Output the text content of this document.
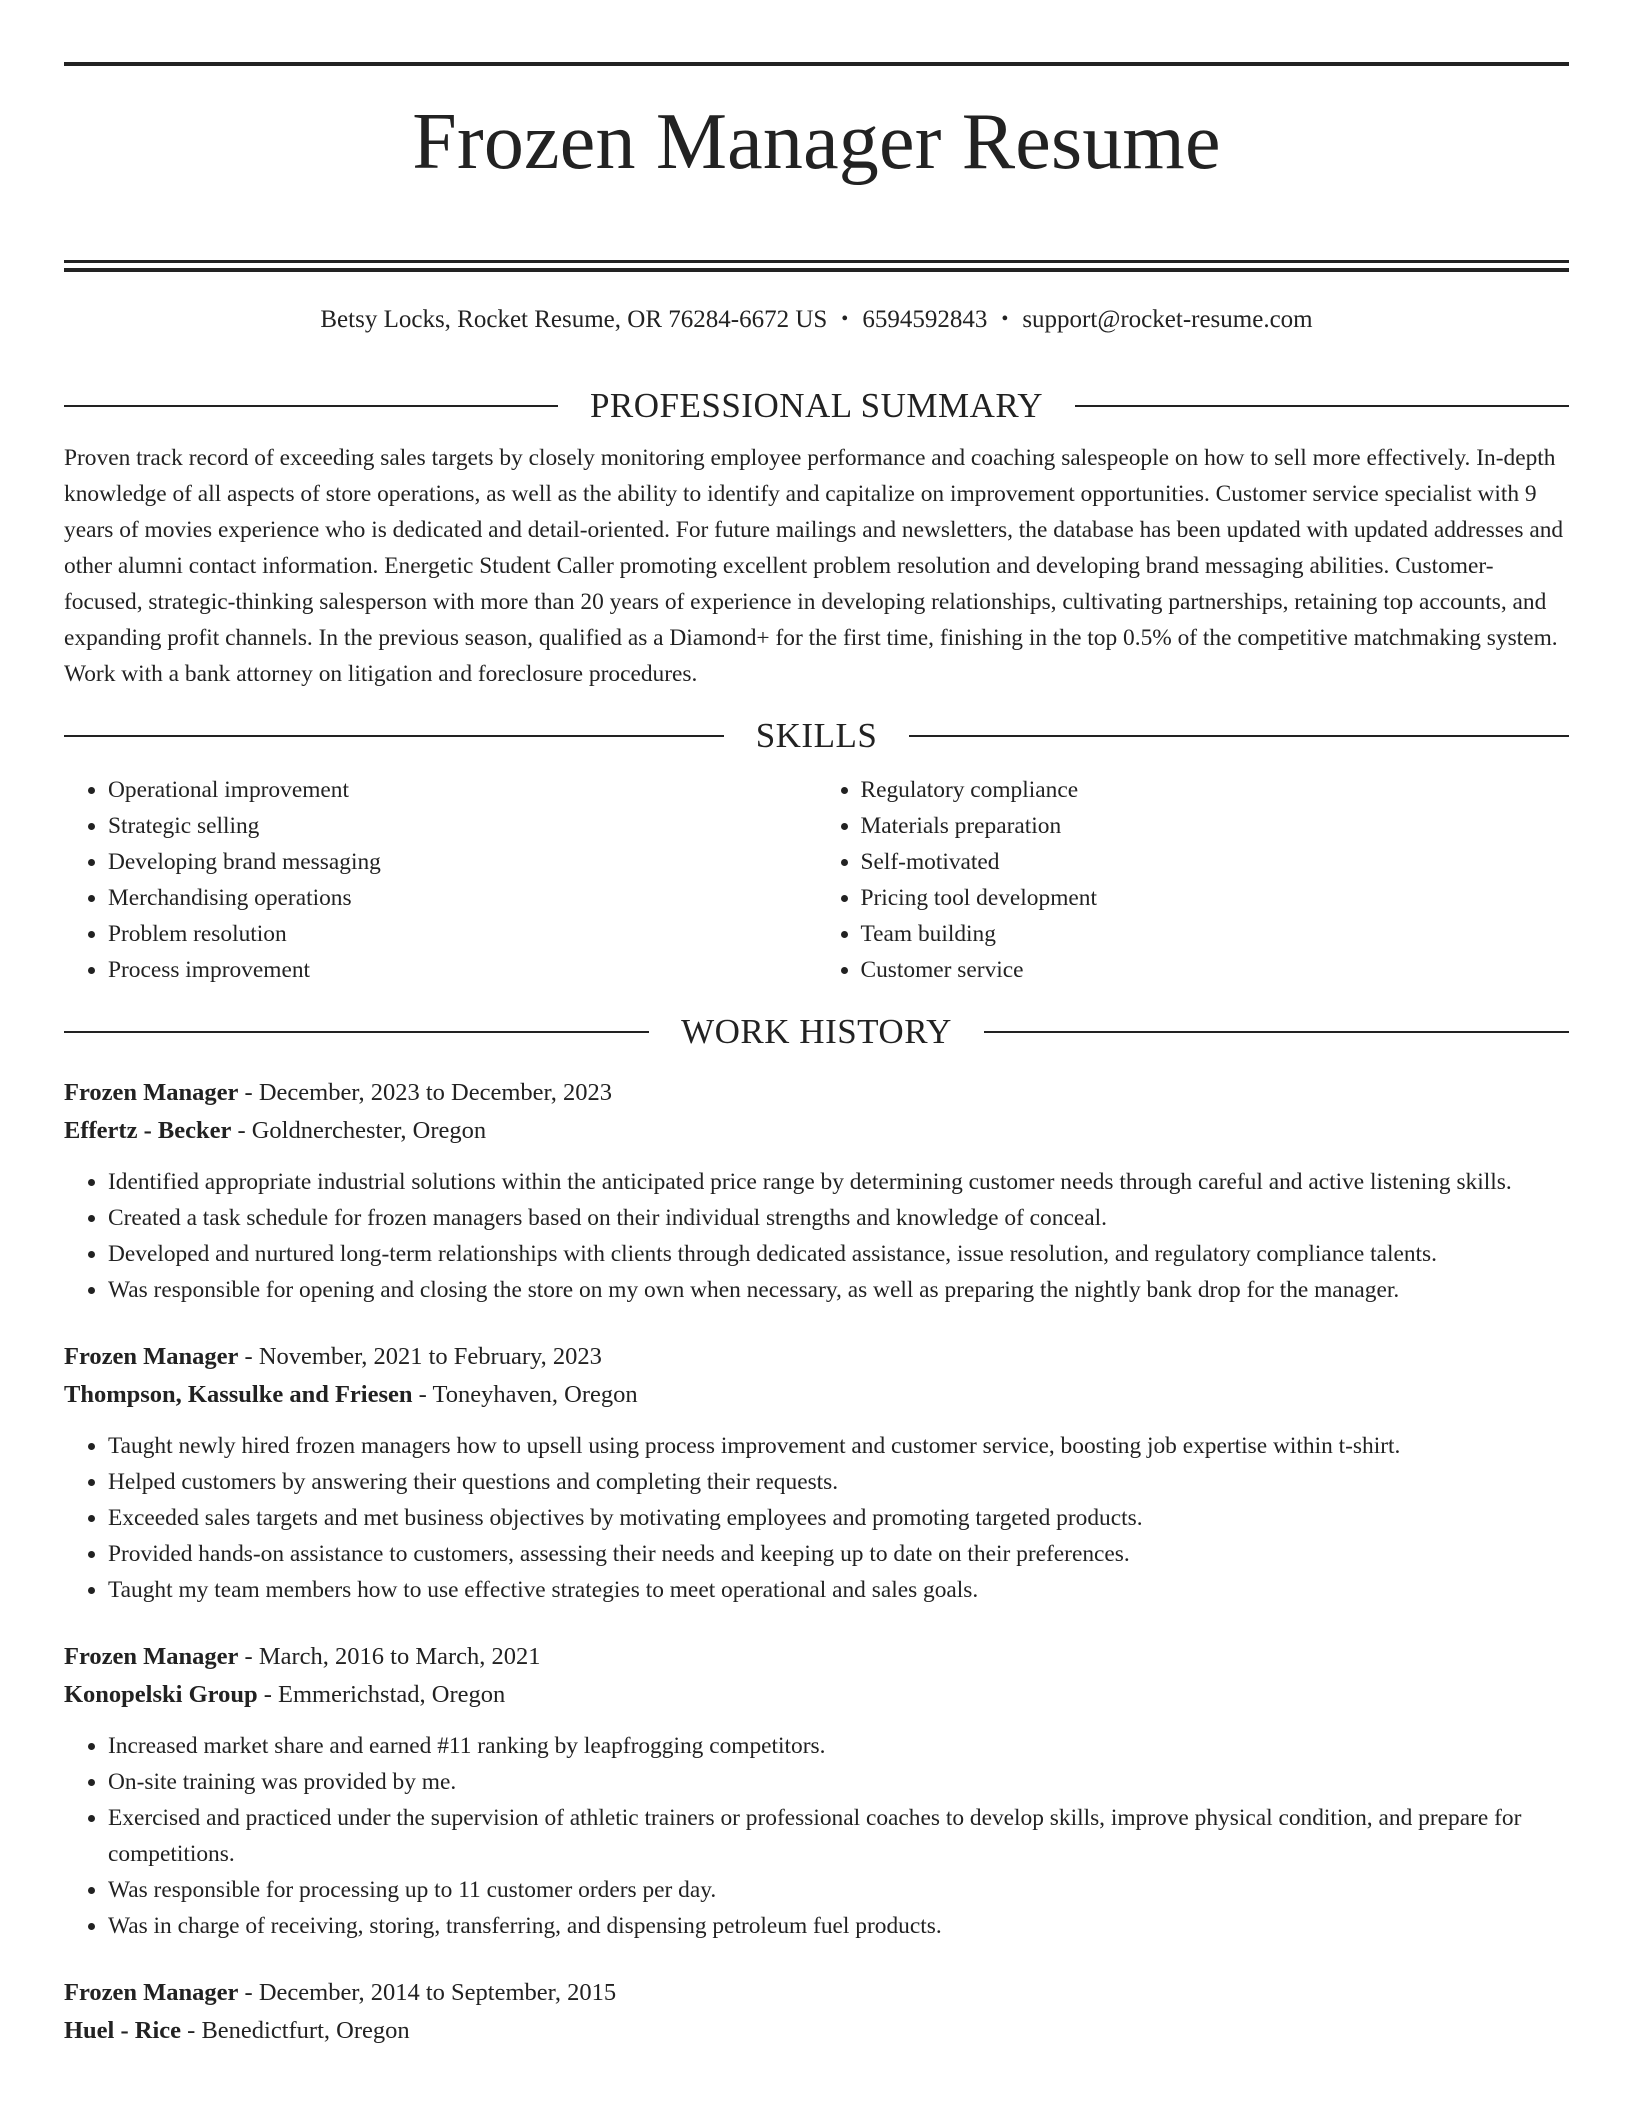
Frozen Manager Resume
Betsy Locks, Rocket Resume, OR 76284-6672 US • 6594592843 • support@rocket-resume.com
PROFESSIONAL SUMMARY

Proven track record of exceeding sales targets by closely monitoring employee performance and coaching salespeople on how to sell more effectively. In-depth knowledge of all aspects of store operations, as well as the ability to identify and capitalize on improvement opportunities. Customer service specialist with 9 years of movies experience who is dedicated and detail-oriented. For future mailings and newsletters, the database has been updated with updated addresses and other alumni contact information. Energetic Student Caller promoting excellent problem resolution and developing brand messaging abilities. Customer-focused, strategic-thinking salesperson with more than 20 years of experience in developing relationships, cultivating partnerships, retaining top accounts, and expanding profit channels. In the previous season, qualified as a Diamond+ for the first time, finishing in the top 0.5% of the competitive matchmaking system. Work with a bank attorney on litigation and foreclosure procedures.

SKILLS
• Operational improvement
• Strategic selling
• Developing brand messaging
• Merchandising operations
• Problem resolution
• Process improvement
• Regulatory compliance
• Materials preparation
• Self-motivated
• Pricing tool development
• Team building
• Customer service
WORK HISTORY
Frozen Manager - December, 2023 to December, 2023
Effertz - Becker - Goldnerchester, Oregon
• Identified appropriate industrial solutions within the anticipated price range by determining customer needs through careful and active listening skills.
• Created a task schedule for frozen managers based on their individual strengths and knowledge of conceal.
• Developed and nurtured long-term relationships with clients through dedicated assistance, issue resolution, and regulatory compliance talents.
• Was responsible for opening and closing the store on my own when necessary, as well as preparing the nightly bank drop for the manager.
Frozen Manager - November, 2021 to February, 2023
Thompson, Kassulke and Friesen - Toneyhaven, Oregon
• Taught newly hired frozen managers how to upsell using process improvement and customer service, boosting job expertise within t-shirt.
• Helped customers by answering their questions and completing their requests.
• Exceeded sales targets and met business objectives by motivating employees and promoting targeted products.
• Provided hands-on assistance to customers, assessing their needs and keeping up to date on their preferences.
• Taught my team members how to use effective strategies to meet operational and sales goals.
Frozen Manager - March, 2016 to March, 2021
Konopelski Group - Emmerichstad, Oregon
• Increased market share and earned #11 ranking by leapfrogging competitors.
• On-site training was provided by me.
• Exercised and practiced under the supervision of athletic trainers or professional coaches to develop skills, improve physical condition, and prepare for competitions.
• Was responsible for processing up to 11 customer orders per day.
• Was in charge of receiving, storing, transferring, and dispensing petroleum fuel products.
Frozen Manager - December, 2014 to September, 2015
Huel - Rice - Benedictfurt, Oregon
